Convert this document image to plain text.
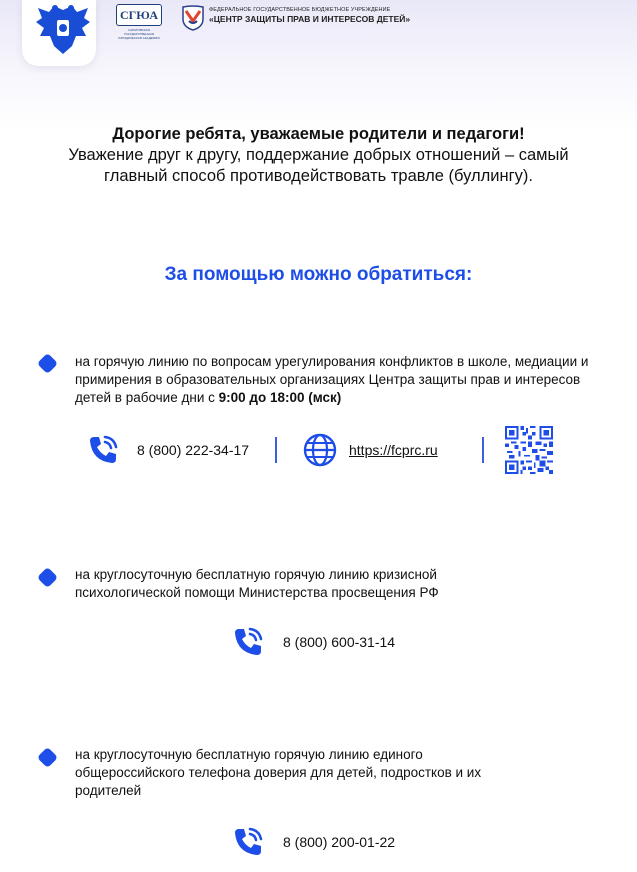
СГЮА
САРАТОВСКАЯ ГОСУДАРСТВЕННАЯ ЮРИДИЧЕСКАЯ АКАДЕМИЯ
ФЕДЕРАЛЬНОЕ ГОСУДАРСТВЕННОЕ БЮДЖЕТНОЕ УЧРЕЖДЕНИЕ
«ЦЕНТР ЗАЩИТЫ ПРАВ И ИНТЕРЕСОВ ДЕТЕЙ»
Дорогие ребята, уважаемые родители и педагоги!
Уважение друг к другу, поддержание добрых отношений – самый главный способ противодействовать травле (буллингу).
За помощью можно обратиться:
на горячую линию по вопросам урегулирования конфликтов в школе, медиации и примирения в образовательных организациях Центра защиты прав и интересов детей в рабочие дни с 9:00 до 18:00 (мск)
8 (800) 222-34-17	https://fcprc.ru
на круглосуточную бесплатную горячую линию кризисной психологической помощи Министерства просвещения РФ
8 (800) 600-31-14
на круглосуточную бесплатную горячую линию единого общероссийского телефона доверия для детей, подростков и их родителей
8 (800) 200-01-22
